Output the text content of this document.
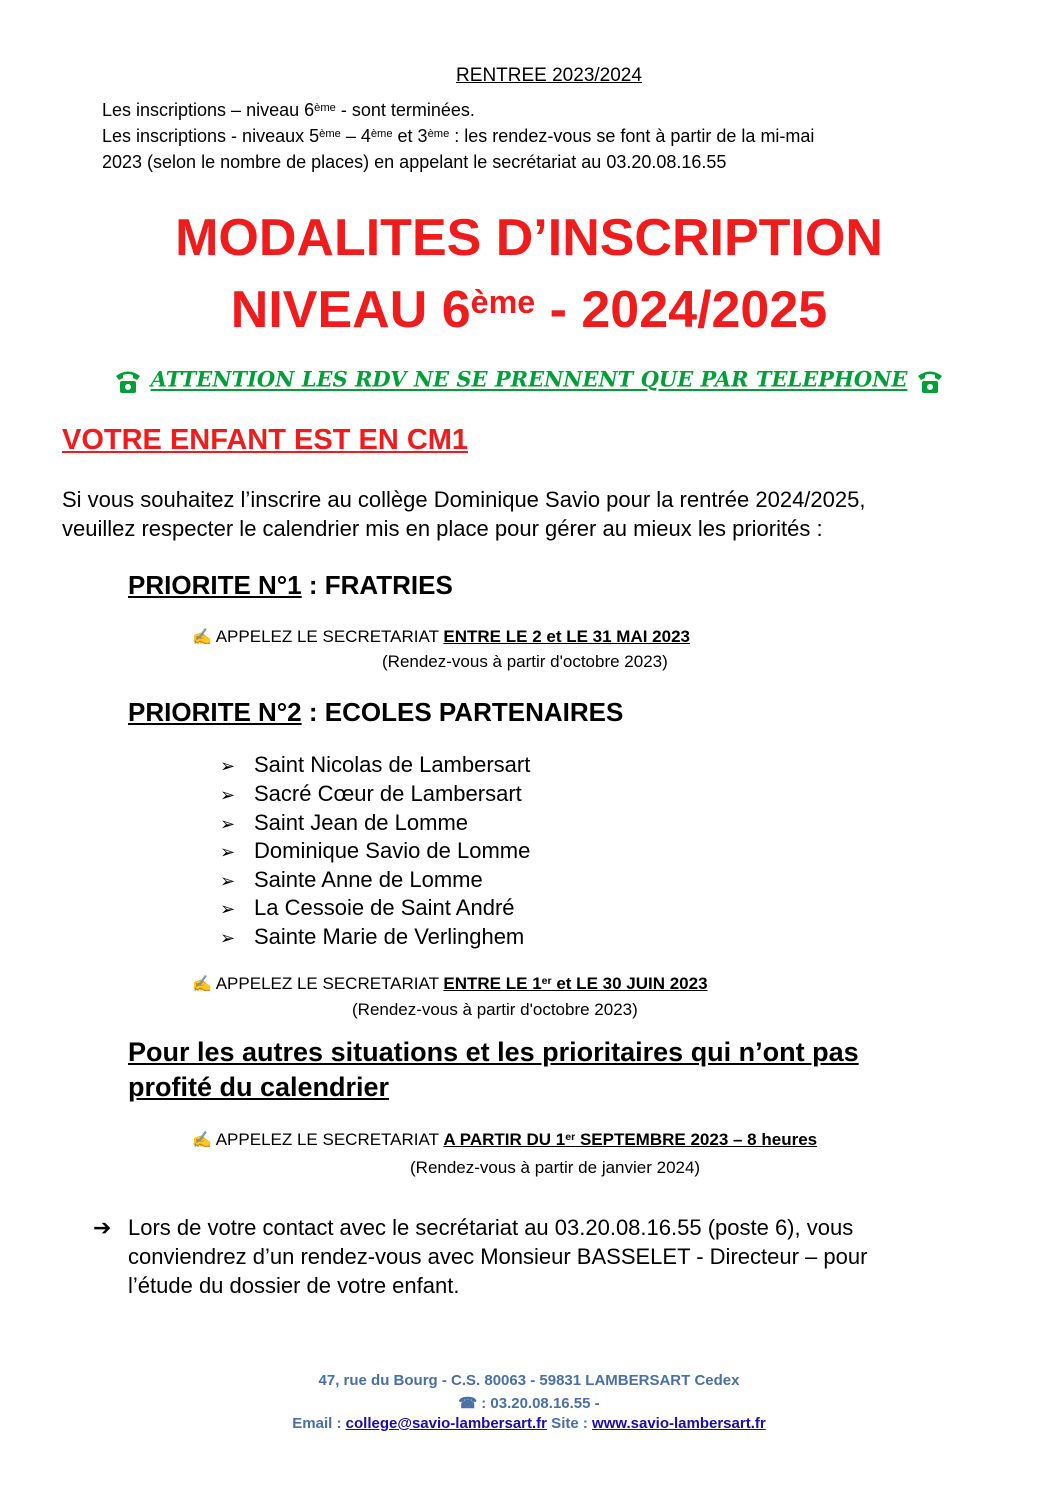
RENTREE 2023/2024
Les inscriptions – niveau 6ème - sont terminées.
Les inscriptions - niveaux 5ème – 4ème et 3ème : les rendez-vous se font à partir de la mi-mai
2023 (selon le nombre de places) en appelant le secrétariat au 03.20.08.16.55
MODALITES D’INSCRIPTION
NIVEAU 6ème - 2024/2025
ATTENTION LES RDV NE SE PRENNENT QUE PAR TELEPHONE
VOTRE ENFANT EST EN CM1
Si vous souhaitez l’inscrire au collège Dominique Savio pour la rentrée 2024/2025,
veuillez respecter le calendrier mis en place pour gérer au mieux les priorités :
PRIORITE N°1 : FRATRIES
✍ APPELEZ LE SECRETARIAT ENTRE LE 2 et LE 31 MAI 2023
(Rendez-vous à partir d'octobre 2023)
PRIORITE N°2 : ECOLES PARTENAIRES
➢ Saint Nicolas de Lambersart
➢ Sacré Cœur de Lambersart
➢ Saint Jean de Lomme
➢ Dominique Savio de Lomme
➢ Sainte Anne de Lomme
➢ La Cessoie de Saint André
➢ Sainte Marie de Verlinghem
✍ APPELEZ LE SECRETARIAT ENTRE LE 1er et LE 30 JUIN 2023
(Rendez-vous à partir d'octobre 2023)
Pour les autres situations et les prioritaires qui n’ont pas
profité du calendrier
✍ APPELEZ LE SECRETARIAT A PARTIR DU 1er SEPTEMBRE 2023 – 8 heures
(Rendez-vous à partir de janvier 2024)
➔ Lors de votre contact avec le secrétariat au 03.20.08.16.55 (poste 6), vous
conviendrez d’un rendez-vous avec Monsieur BASSELET - Directeur – pour
l’étude du dossier de votre enfant.
47, rue du Bourg - C.S. 80063 - 59831 LAMBERSART Cedex
☎ : 03.20.08.16.55 -
Email : college@savio-lambersart.fr Site : www.savio-lambersart.fr
